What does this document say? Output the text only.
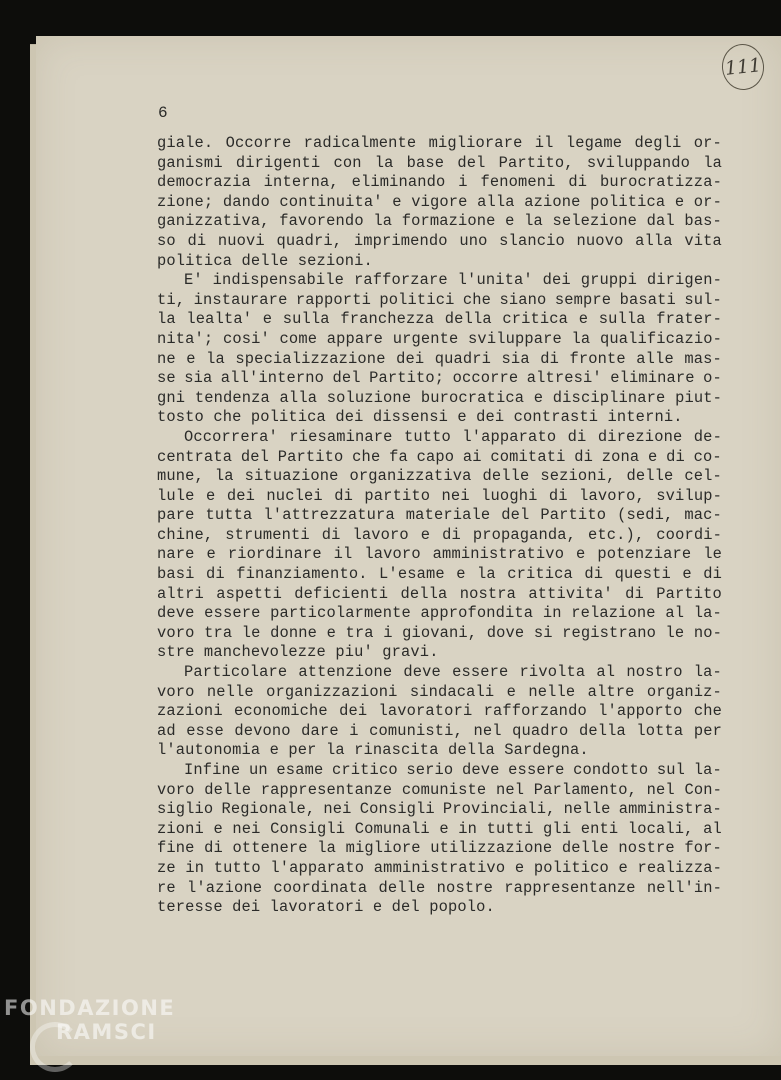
111
6
giale. Occorre radicalmente migliorare il legame degli or-
ganismi dirigenti con la base del Partito, sviluppando la
democrazia interna, eliminando i fenomeni di burocratizza-
zione; dando continuita' e vigore alla azione politica e or-
ganizzativa, favorendo la formazione e la selezione dal bas-
so di nuovi quadri, imprimendo uno slancio nuovo alla vita
politica delle sezioni.
E' indispensabile rafforzare l'unita' dei gruppi dirigen-
ti, instaurare rapporti politici che siano sempre basati sul-
la lealta' e sulla franchezza della critica e sulla frater-
nita'; cosi' come appare urgente sviluppare la qualificazio-
ne e la specializzazione dei quadri sia di fronte alle mas-
se sia all'interno del Partito; occorre altresi' eliminare o-
gni tendenza alla soluzione burocratica e disciplinare piut-
tosto che politica dei dissensi e dei contrasti interni.
Occorrera' riesaminare tutto l'apparato di direzione de-
centrata del Partito che fa capo ai comitati di zona e di co-
mune, la situazione organizzativa delle sezioni, delle cel-
lule e dei nuclei di partito nei luoghi di lavoro, svilup-
pare tutta l'attrezzatura materiale del Partito (sedi, mac-
chine, strumenti di lavoro e di propaganda, etc.), coordi-
nare e riordinare il lavoro amministrativo e potenziare le
basi di finanziamento. L'esame e la critica di questi e di
altri aspetti deficienti della nostra attivita' di Partito
deve essere particolarmente approfondita in relazione al la-
voro tra le donne e tra i giovani, dove si registrano le no-
stre manchevolezze piu' gravi.
Particolare attenzione deve essere rivolta al nostro la-
voro nelle organizzazioni sindacali e nelle altre organiz-
zazioni economiche dei lavoratori rafforzando l'apporto che
ad esse devono dare i comunisti, nel quadro della lotta per
l'autonomia e per la rinascita della Sardegna.
Infine un esame critico serio deve essere condotto sul la-
voro delle rappresentanze comuniste nel Parlamento, nel Con-
siglio Regionale, nei Consigli Provinciali, nelle amministra-
zioni e nei Consigli Comunali e in tutti gli enti locali, al
fine di ottenere la migliore utilizzazione delle nostre for-
ze in tutto l'apparato amministrativo e politico e realizza-
re l'azione coordinata delle nostre rappresentanze nell'in-
teresse dei lavoratori e del popolo.
FONDAZIONE
RAMSCI
